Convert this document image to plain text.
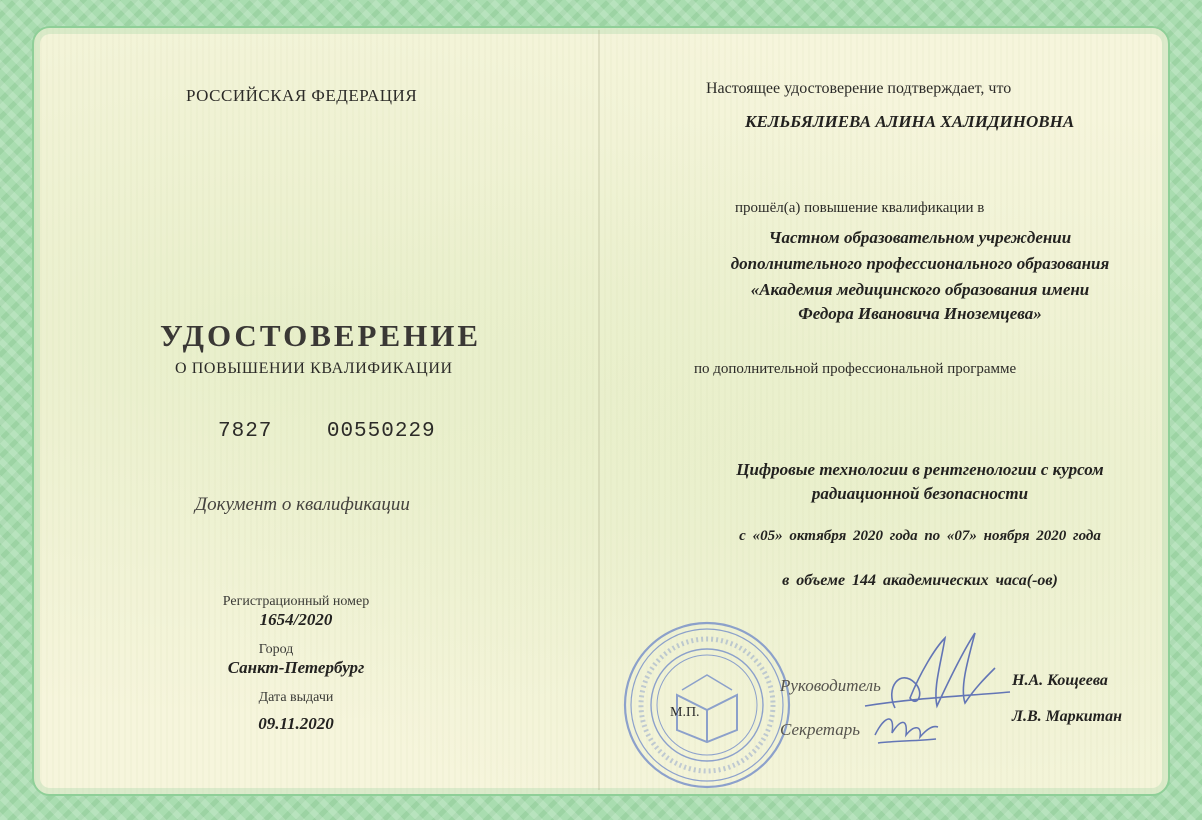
РОССИЙСКАЯ ФЕДЕРАЦИЯ
УДОСТОВЕРЕНИЕ
О ПОВЫШЕНИИ КВАЛИФИКАЦИИ
7827	00550229
Документ о квалификации
Регистрационный номер
1654/2020
Город
Санкт-Петербург
Дата выдачи
09.11.2020
Настоящее удостоверение подтверждает, что
КЕЛЬБЯЛИЕВА АЛИНА ХАЛИДИНОВНА
прошёл(а) повышение квалификации в
Частном образовательном учреждении
дополнительного профессионального образования
«Академия медицинского образования имени
Федора Ивановича Иноземцева»
по дополнительной профессиональной программе
Цифровые технологии в рентгенологии с курсом
радиационной безопасности
с «05» октября 2020 года по «07» ноября 2020 года
в объеме 144 академических часа(-ов)
М.П.
Руководитель
Секретарь
Н.А. Кощеева
Л.В. Маркитан
